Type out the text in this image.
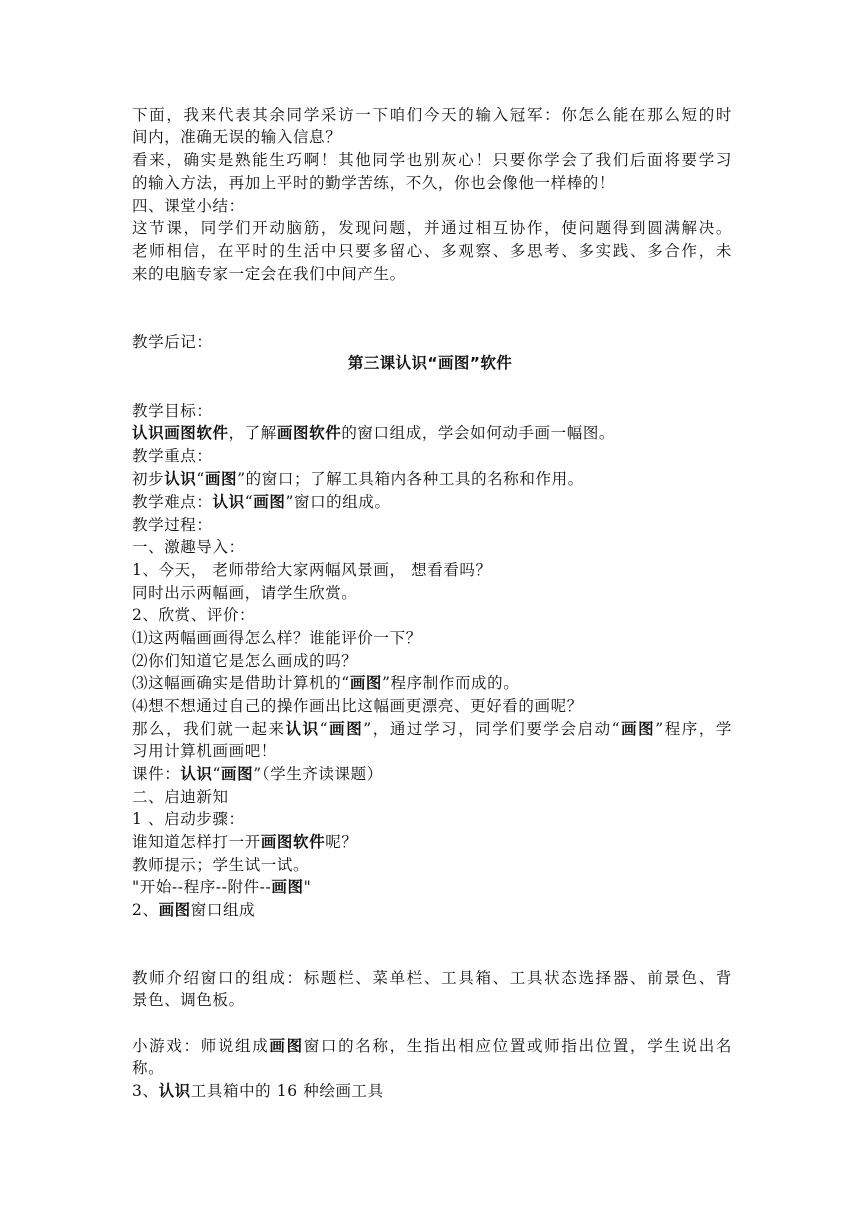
下面，我来代表其余同学采访一下咱们今天的输入冠军：你怎么能在那么短的时
间内，准确无误的输入信息？
看来，确实是熟能生巧啊！其他同学也别灰心！只要你学会了我们后面将要学习
的输入方法，再加上平时的勤学苦练，不久，你也会像他一样棒的！
四、课堂小结：
这节课，同学们开动脑筋，发现问题，并通过相互协作，使问题得到圆满解决。
老师相信，在平时的生活中只要多留心、多观察、多思考、多实践、多合作，未
来的电脑专家一定会在我们中间产生。
教学后记：
第三课认识“画图”软件
教学目标：
认识画图软件，了解画图软件的窗口组成，学会如何动手画一幅图。
教学重点：
初步认识“画图”的窗口；了解工具箱内各种工具的名称和作用。
教学难点：认识“画图”窗口的组成。
教学过程：
一、激趣导入：
1、今天， 老师带给大家两幅风景画， 想看看吗？
同时出示两幅画，请学生欣赏。
2、欣赏、评价：
⑴这两幅画画得怎么样？谁能评价一下？
⑵你们知道它是怎么画成的吗？
⑶这幅画确实是借助计算机的“画图”程序制作而成的。
⑷想不想通过自己的操作画出比这幅画更漂亮、更好看的画呢？
那么，我们就一起来认识“画图”，通过学习，同学们要学会启动“画图”程序，学
习用计算机画画吧！
课件：认识“画图”（学生齐读课题）
二、启迪新知
1 、启动步骤：
谁知道怎样打一开画图软件呢？
教师提示；学生试一试。
"开始--程序--附件--画图"
2、画图窗口组成
教师介绍窗口的组成：标题栏、菜单栏、工具箱、工具状态选择器、前景色、背
景色、调色板。
小游戏：师说组成画图窗口的名称，生指出相应位置或师指出位置，学生说出名
称。
3、认识工具箱中的 16 种绘画工具
